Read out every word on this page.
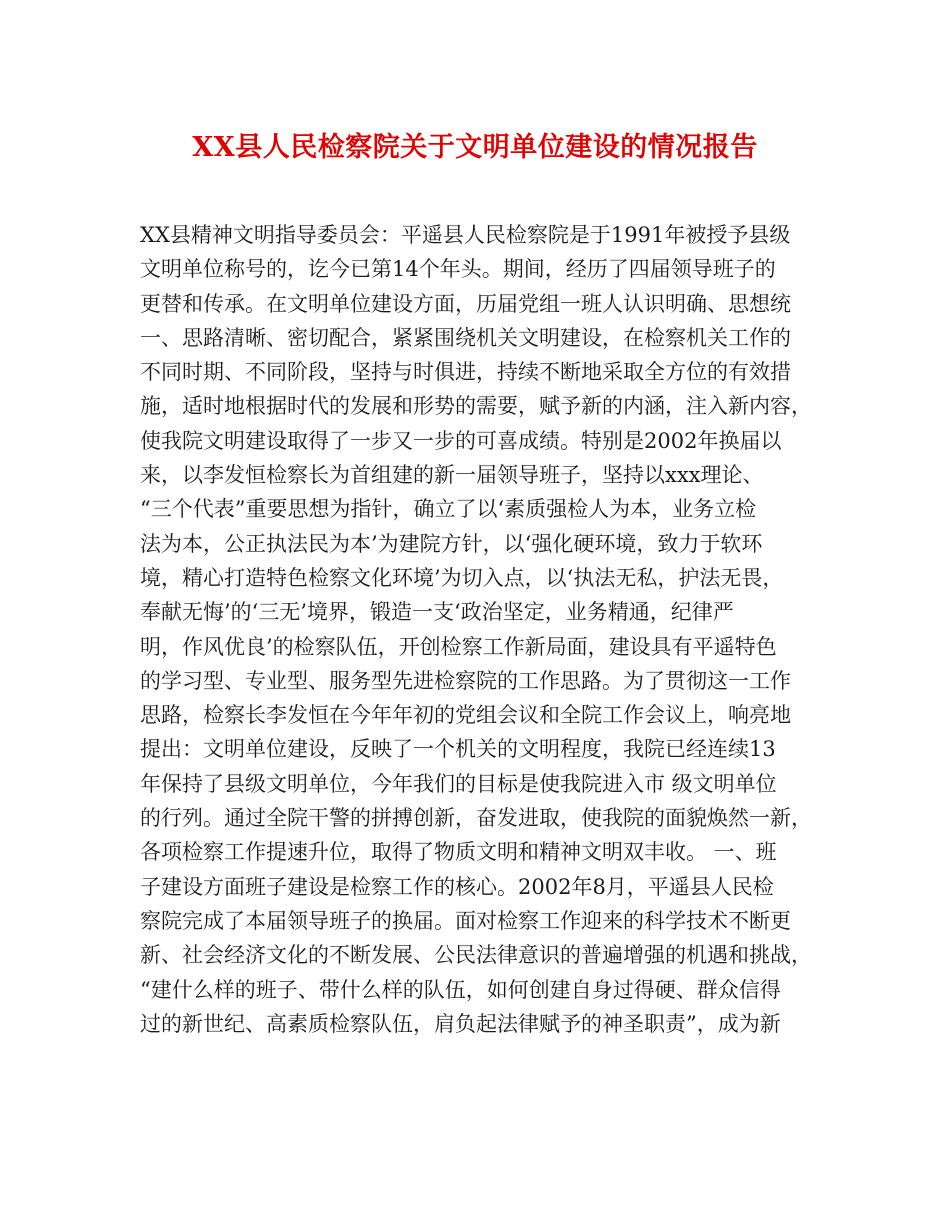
XX县人民检察院关于文明单位建设的情况报告
XX县精神文明指导委员会：平遥县人民检察院是于1991年被授予县级
文明单位称号的，讫今已第14个年头。期间，经历了四届领导班子的
更替和传承。在文明单位建设方面，历届党组一班人认识明确、思想统
一、思路清晰、密切配合，紧紧围绕机关文明建设，在检察机关工作的
不同时期、不同阶段，坚持与时俱进，持续不断地采取全方位的有效措
施，适时地根据时代的发展和形势的需要，赋予新的内涵，注入新内容，
使我院文明建设取得了一步又一步的可喜成绩。特别是2002年换届以
来，以李发恒检察长为首组建的新一届领导班子，坚持以xxx理论、
“三个代表”重要思想为指针，确立了以‘素质强检人为本，业务立检
法为本，公正执法民为本’为建院方针，以‘强化硬环境，致力于软环
境，精心打造特色检察文化环境’为切入点，以‘执法无私，护法无畏，
奉献无悔’的‘三无’境界，锻造一支‘政治坚定，业务精通，纪律严
明，作风优良’的检察队伍，开创检察工作新局面，建设具有平遥特色
的学习型、专业型、服务型先进检察院的工作思路。为了贯彻这一工作
思路，检察长李发恒在今年年初的党组会议和全院工作会议上，响亮地
提出：文明单位建设，反映了一个机关的文明程度，我院已经连续13
年保持了县级文明单位，今年我们的目标是使我院进入市 级文明单位
的行列。通过全院干警的拼搏创新，奋发进取，使我院的面貌焕然一新，
各项检察工作提速升位，取得了物质文明和精神文明双丰收。 一、班
子建设方面班子建设是检察工作的核心。2002年8月，平遥县人民检
察院完成了本届领导班子的换届。面对检察工作迎来的科学技术不断更
新、社会经济文化的不断发展、公民法律意识的普遍增强的机遇和挑战，
“建什么样的班子、带什么样的队伍，如何创建自身过得硬、群众信得
过的新世纪、高素质检察队伍，肩负起法律赋予的神圣职责”，成为新
